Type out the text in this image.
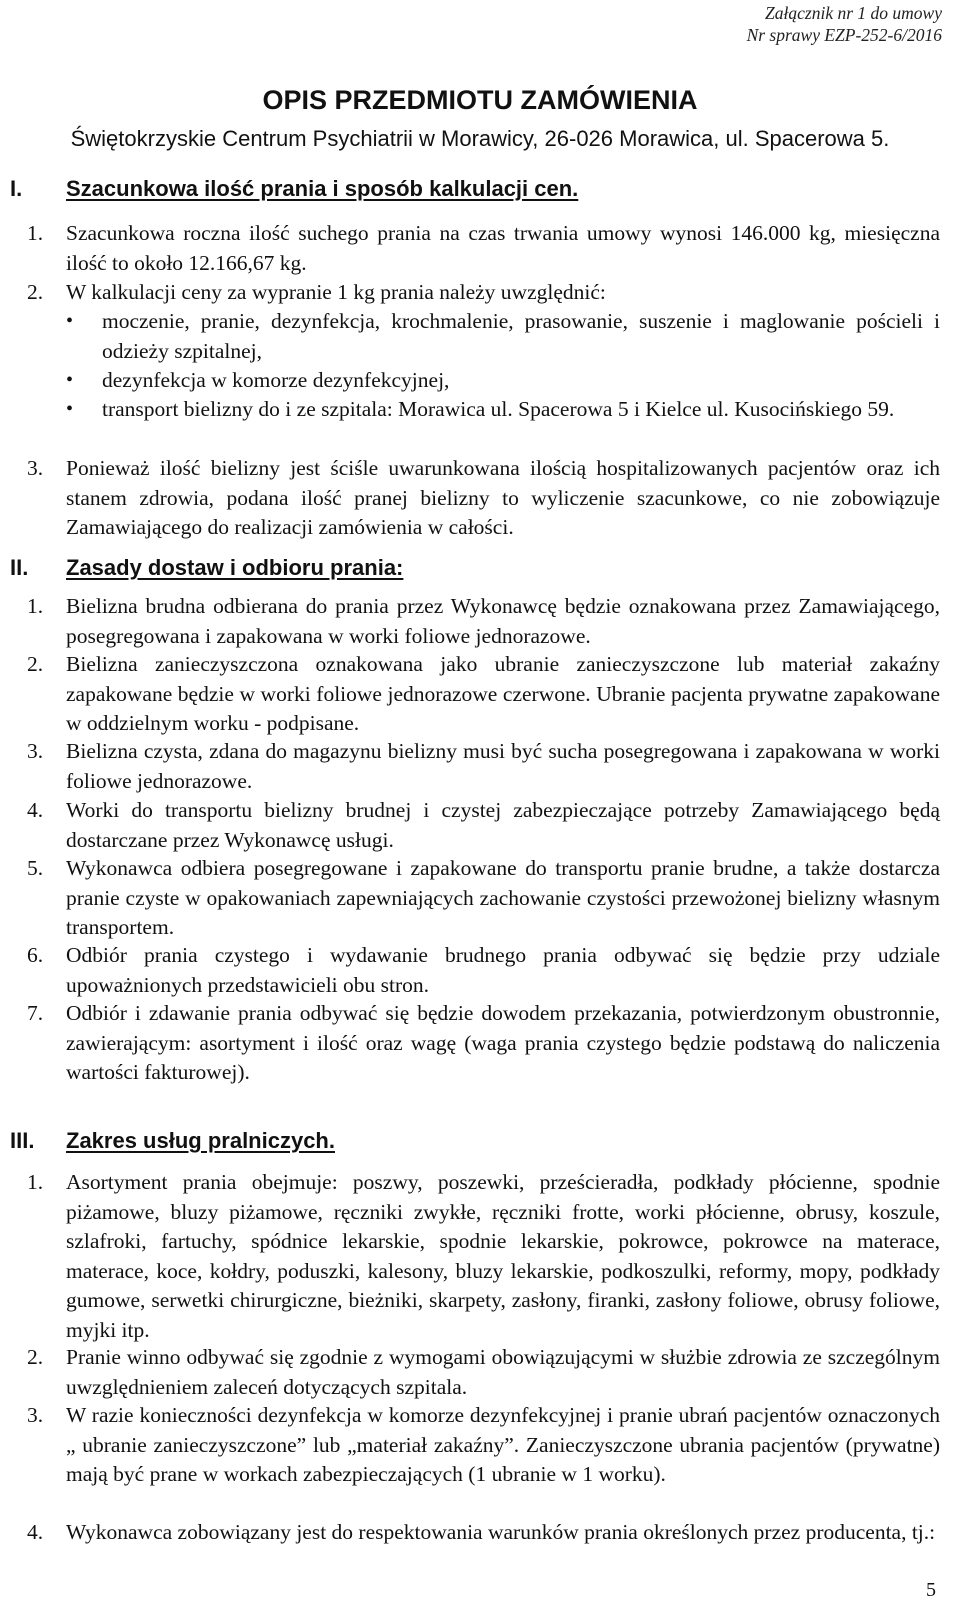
Załącznik nr 1 do umowy
Nr sprawy EZP-252-6/2016
OPIS PRZEDMIOTU ZAMÓWIENIA
Świętokrzyskie Centrum Psychiatrii w Morawicy, 26-026 Morawica, ul. Spacerowa 5.
I. Szacunkowa ilość prania i sposób kalkulacji cen.
1.	Szacunkowa roczna ilość suchego prania na czas trwania umowy wynosi 146.000 kg, miesięczna ilość to około 12.166,67 kg.
2.	W kalkulacji ceny za wypranie 1 kg prania należy uwzględnić:
•	moczenie, pranie, dezynfekcja, krochmalenie, prasowanie, suszenie i maglowanie pościeli i odzieży szpitalnej,
•	dezynfekcja w komorze dezynfekcyjnej,
•	transport bielizny do i ze szpitala: Morawica ul. Spacerowa 5 i Kielce ul. Kusocińskiego 59.
3.	Ponieważ ilość bielizny jest ściśle uwarunkowana ilością hospitalizowanych pacjentów oraz ich stanem zdrowia, podana ilość pranej bielizny to wyliczenie szacunkowe, co nie zobowiązuje Zamawiającego do realizacji zamówienia w całości.
II. Zasady dostaw i odbioru prania:
1.	Bielizna brudna odbierana do prania przez Wykonawcę będzie oznakowana przez Zamawiającego, posegregowana i zapakowana w worki foliowe jednorazowe.
2.	Bielizna zanieczyszczona oznakowana jako ubranie zanieczyszczone lub materiał zakaźny zapakowane będzie w worki foliowe jednorazowe czerwone. Ubranie pacjenta prywatne zapakowane w oddzielnym worku - podpisane.
3.	Bielizna czysta, zdana do magazynu bielizny musi być sucha posegregowana i zapakowana w worki foliowe jednorazowe.
4.	Worki do transportu bielizny brudnej i czystej zabezpieczające potrzeby Zamawiającego będą dostarczane przez Wykonawcę usługi.
5.	Wykonawca odbiera posegregowane i zapakowane do transportu pranie brudne, a także dostarcza pranie czyste w opakowaniach zapewniających zachowanie czystości przewożonej bielizny własnym transportem.
6.	Odbiór prania czystego i wydawanie brudnego prania odbywać się będzie przy udziale upoważnionych przedstawicieli obu stron.
7.	Odbiór i zdawanie prania odbywać się będzie dowodem przekazania, potwierdzonym obustronnie, zawierającym: asortyment i ilość oraz wagę (waga prania czystego będzie podstawą do naliczenia wartości fakturowej).
III. Zakres usług pralniczych.
1.	Asortyment prania obejmuje: poszwy, poszewki, prześcieradła, podkłady płócienne, spodnie piżamowe, bluzy piżamowe, ręczniki zwykłe, ręczniki frotte, worki płócienne, obrusy, koszule, szlafroki, fartuchy, spódnice lekarskie, spodnie lekarskie, pokrowce, pokrowce na materace, materace, koce, kołdry, poduszki, kalesony, bluzy lekarskie, podkoszulki, reformy, mopy, podkłady gumowe, serwetki chirurgiczne, bieżniki, skarpety, zasłony, firanki, zasłony foliowe, obrusy foliowe, myjki itp.
2.	Pranie winno odbywać się zgodnie z wymogami obowiązującymi w służbie zdrowia ze szczególnym uwzględnieniem zaleceń dotyczących szpitala.
3.	W razie konieczności dezynfekcja w komorze dezynfekcyjnej i pranie ubrań pacjentów oznaczonych „ ubranie zanieczyszczone” lub „materiał zakaźny”. Zanieczyszczone ubrania pacjentów (prywatne) mają być prane w workach zabezpieczających (1 ubranie w 1 worku).
4.	Wykonawca zobowiązany jest do respektowania warunków prania określonych przez producenta, tj.:
5
